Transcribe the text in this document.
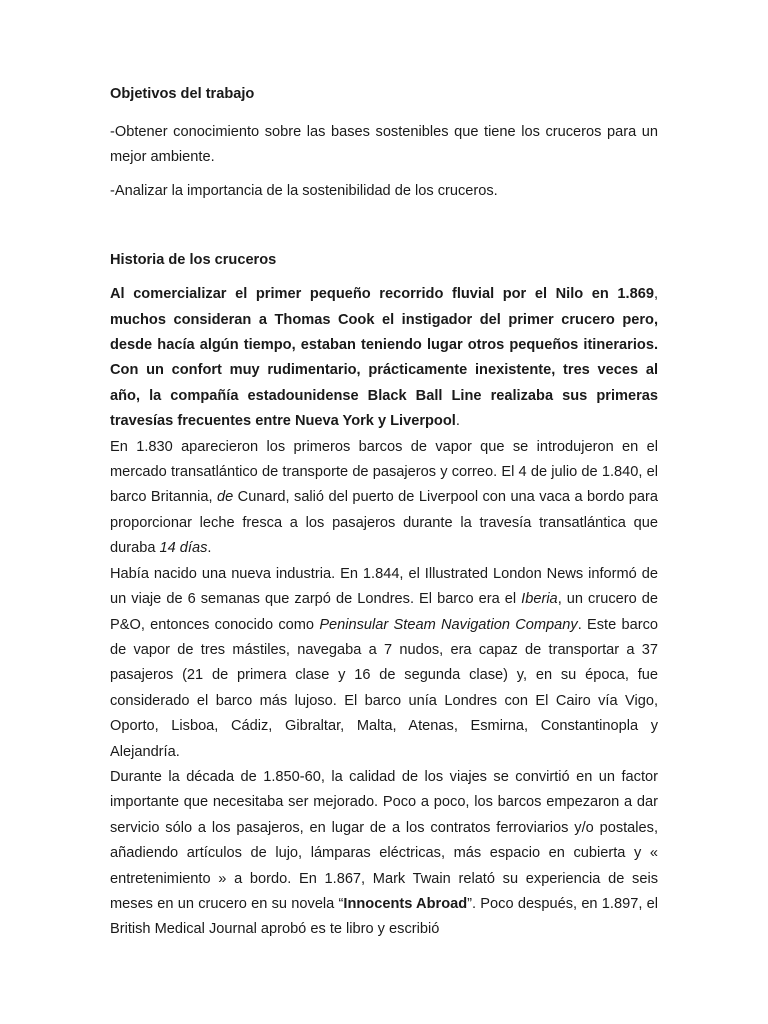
Objetivos del trabajo

-Obtener conocimiento sobre las bases sostenibles que tiene los cruceros para un mejor ambiente.

-Analizar la importancia de la sostenibilidad de los cruceros.

Historia de los cruceros

Al comercializar el primer pequeño recorrido fluvial por el Nilo en 1.869, muchos consideran a Thomas Cook el instigador del primer crucero pero, desde hacía algún tiempo, estaban teniendo lugar otros pequeños itinerarios. Con un confort muy rudimentario, prácticamente inexistente, tres veces al año, la compañía estadounidense Black Ball Line realizaba sus primeras travesías frecuentes entre Nueva York y Liverpool.

En 1.830 aparecieron los primeros barcos de vapor que se introdujeron en el mercado transatlántico de transporte de pasajeros y correo. El 4 de julio de 1.840, el barco Britannia, de Cunard, salió del puerto de Liverpool con una vaca a bordo para proporcionar leche fresca a los pasajeros durante la travesía transatlántica que duraba 14 días.

Había nacido una nueva industria. En 1.844, el Illustrated London News informó de un viaje de 6 semanas que zarpó de Londres. El barco era el Iberia, un crucero de P&O, entonces conocido como Peninsular Steam Navigation Company. Este barco de vapor de tres mástiles, navegaba a 7 nudos, era capaz de transportar a 37 pasajeros (21 de primera clase y 16 de segunda clase) y, en su época, fue considerado el barco más lujoso. El barco unía Londres con El Cairo vía Vigo, Oporto, Lisboa, Cádiz, Gibraltar, Malta, Atenas, Esmirna, Constantinopla y Alejandría.

Durante la década de 1.850-60, la calidad de los viajes se convirtió en un factor importante que necesitaba ser mejorado. Poco a poco, los barcos empezaron a dar servicio sólo a los pasajeros, en lugar de a los contratos ferroviarios y/o postales, añadiendo artículos de lujo, lámparas eléctricas, más espacio en cubierta y « entretenimiento » a bordo. En 1.867, Mark Twain relató su experiencia de seis meses en un crucero en su novela “Innocents Abroad”. Poco después, en 1.897, el British Medical Journal aprobó es te libro y escribió
